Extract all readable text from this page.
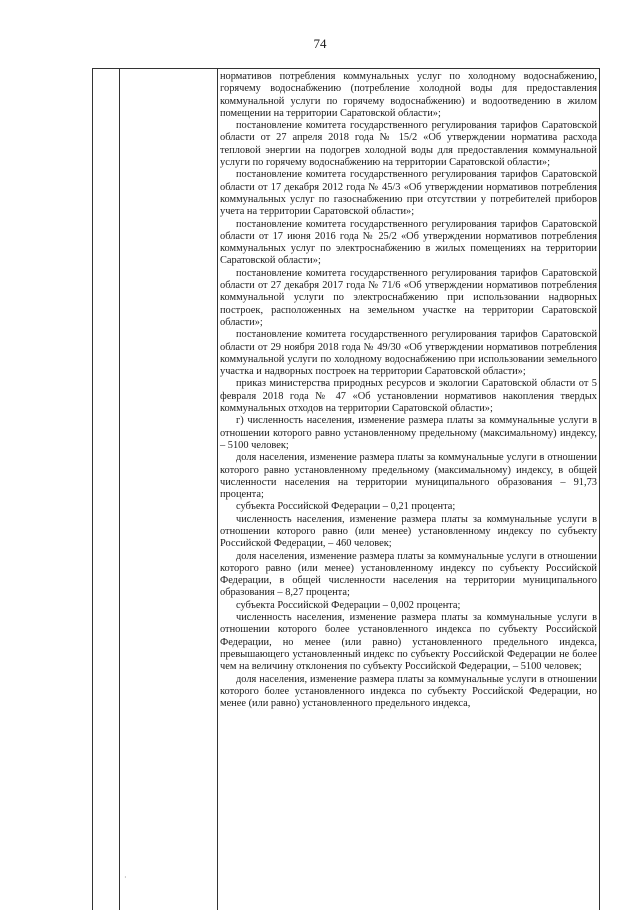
74

нормативов потребления коммунальных услуг по холодному водоснабжению, горячему водоснабжению (потребление холодной воды для предоставления коммунальной услуги по горячему водоснабжению) и водоотведению в жилом помещении на территории Саратовской области»;

постановление комитета государственного регулирования тарифов Саратовской области от 27 апреля 2018 года № 15/2 «Об утверждении норматива расхода тепловой энергии на подогрев холодной воды для предоставления коммунальной услуги по горячему водоснабжению на территории Саратовской области»;

постановление комитета государственного регулирования тарифов Саратовской области от 17 декабря 2012 года № 45/3 «Об утверждении нормативов потребления коммунальных услуг по газоснабжению при отсутствии у потребителей приборов учета на территории Саратовской области»;

постановление комитета государственного регулирования тарифов Саратовской области от 17 июня 2016 года № 25/2 «Об утверждении нормативов потребления коммунальных услуг по электроснабжению в жилых помещениях на территории Саратовской области»;

постановление комитета государственного регулирования тарифов Саратовской области от 27 декабря 2017 года № 71/6 «Об утверждении нормативов потребления коммунальной услуги по электроснабжению при использовании надворных построек, расположенных на земельном участке на территории Саратовской области»;

постановление комитета государственного регулирования тарифов Саратовской области от 29 ноября 2018 года № 49/30 «Об утверждении нормативов потребления коммунальной услуги по холодному водоснабжению при использовании земельного участка и надворных построек на территории Саратовской области»;

приказ министерства природных ресурсов и экологии Саратовской области от 5 февраля 2018 года № 47 «Об установлении нормативов накопления твердых коммунальных отходов на территории Саратовской области»;

г) численность населения, изменение размера платы за коммунальные услуги в отношении которого равно установленному предельному (максимальному) индексу, – 5100 человек;

доля населения, изменение размера платы за коммунальные услуги в отношении которого равно установленному предельному (максимальному) индексу, в общей численности населения на территории муниципального образования – 91,73 процента;

субъекта Российской Федерации – 0,21 процента;

численность населения, изменение размера платы за коммунальные услуги в отношении которого равно (или менее) установленному индексу по субъекту Российской Федерации, – 460 человек;

доля населения, изменение размера платы за коммунальные услуги в отношении которого равно (или менее) установленному индексу по субъекту Российской Федерации, в общей численности населения на территории муниципального образования – 8,27 процента;

субъекта Российской Федерации – 0,002 процента;

численность населения, изменение размера платы за коммунальные услуги в отношении которого более установленного индекса по субъекту Российской Федерации, но менее (или равно) установленного предельного индекса, превышающего установленный индекс по субъекту Российской Федерации не более чем на величину отклонения по субъекту Российской Федерации, – 5100 человек;

доля населения, изменение размера платы за коммунальные услуги в отношении которого более установленного индекса по субъекту Российской Федерации, но менее (или равно) установленного предельного индекса,

·
